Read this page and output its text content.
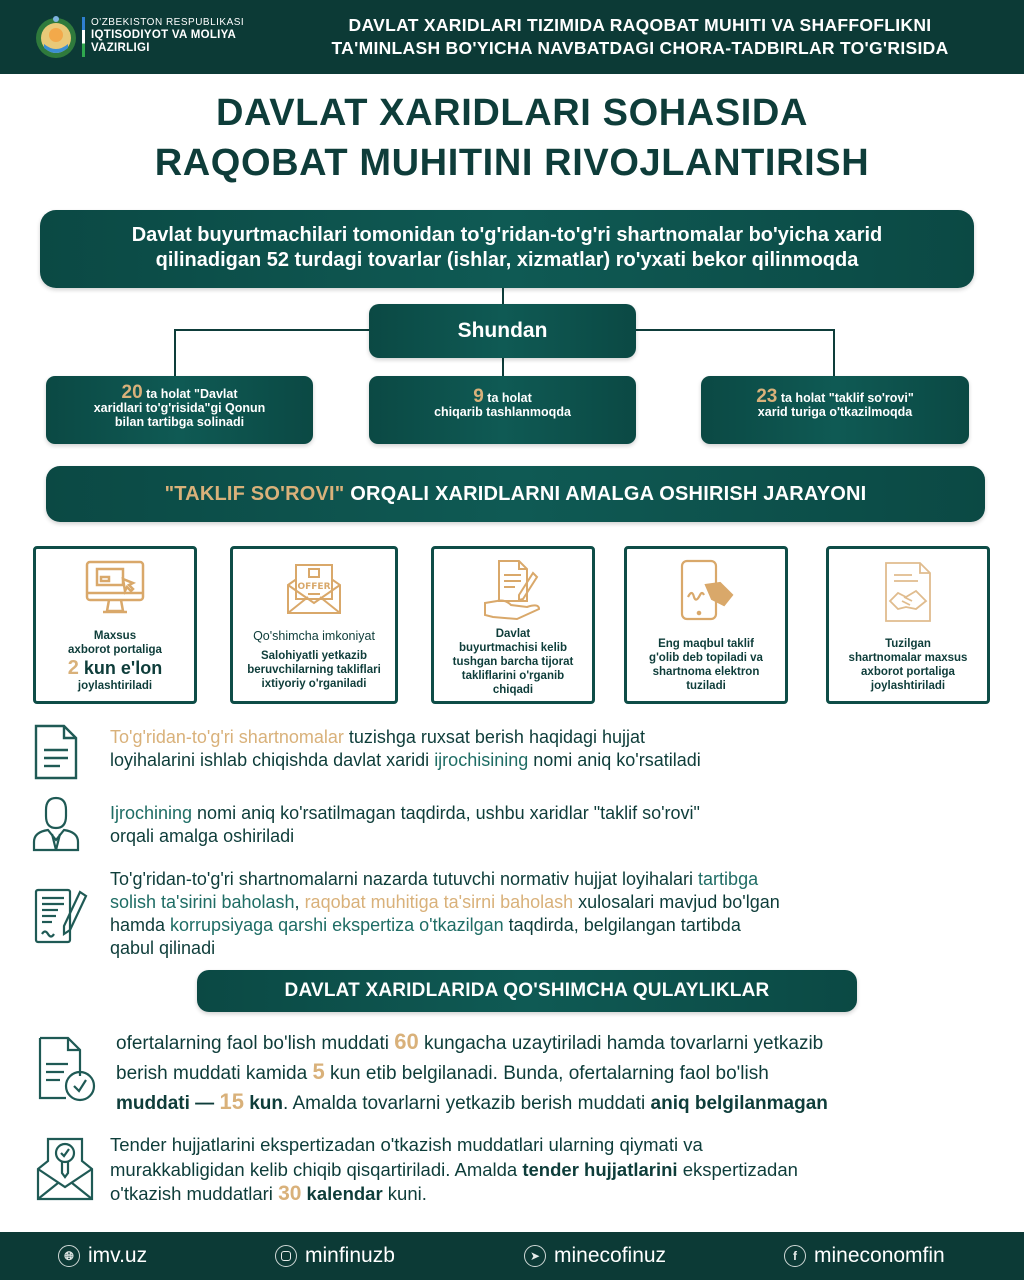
O'ZBEKISTON RESPUBLIKASI
IQTISODIYOT VA MOLIYA
VAZIRLIGI
DAVLAT XARIDLARI TIZIMIDA RAQOBAT MUHITI VA SHAFFOFLIKNI
TA'MINLASH BO'YICHA NAVBATDAGI CHORA-TADBIRLAR TO'G'RISIDA
DAVLAT XARIDLARI SOHASIDA
RAQOBAT MUHITINI RIVOJLANTIRISH
Davlat buyurtmachilari tomonidan to'g'ridan-to'g'ri shartnomalar bo'yicha xarid
qilinadigan 52 turdagi tovarlar (ishlar, xizmatlar) ro'yxati bekor qilinmoqda
Shundan
20 ta holat "Davlat
xaridlari to'g'risida"gi Qonun
bilan tartibga solinadi
9 ta holat
chiqarib tashlanmoqda
23 ta holat "taklif so'rovi"
xarid turiga o'tkazilmoqda
"TAKLIF SO'ROVI" ORQALI XARIDLARNI AMALGA OSHIRISH JARAYONI
Maxsus
axborot portaliga
2 kun e'lon
joylashtiriladi
OFFER
Qo'shimcha imkoniyat
Salohiyatli yetkazib
beruvchilarning takliflari
ixtiyoriy o'rganiladi
Davlat
buyurtmachisi kelib
tushgan barcha tijorat
takliflarini o'rganib
chiqadi
Eng maqbul taklif
g'olib deb topiladi va
shartnoma elektron
tuziladi
Tuzilgan
shartnomalar maxsus
axborot portaliga
joylashtiriladi
To'g'ridan-to'g'ri shartnomalar tuzishga ruxsat berish haqidagi hujjat
loyihalarini ishlab chiqishda davlat xaridi ijrochisining nomi aniq ko'rsatiladi
Ijrochining nomi aniq ko'rsatilmagan taqdirda, ushbu xaridlar "taklif so'rovi"
orqali amalga oshiriladi
To'g'ridan-to'g'ri shartnomalarni nazarda tutuvchi normativ hujjat loyihalari tartibga
solish ta'sirini baholash, raqobat muhitiga ta'sirni baholash xulosalari mavjud bo'lgan
hamda korrupsiyaga qarshi ekspertiza o'tkazilgan taqdirda, belgilangan tartibda
qabul qilinadi
DAVLAT XARIDLARIDA QO'SHIMCHA QULAYLIKLAR
ofertalarning faol bo'lish muddati 60 kungacha uzaytiriladi hamda tovarlarni yetkazib
berish muddati kamida 5 kun etib belgilanadi. Bunda, ofertalarning faol bo'lish
muddati — 15 kun. Amalda tovarlarni yetkazib berish muddati aniq belgilanmagan
Tender hujjatlarini ekspertizadan o'tkazish muddatlari ularning qiymati va
murakkabligidan kelib chiqib qisqartiriladi. Amalda tender hujjatlarini ekspertizadan
o'tkazish muddatlari 30 kalendar kuni.
🌐︎ imv.uz	minfinuzb	➤ minecofinuz	f mineconomfin
